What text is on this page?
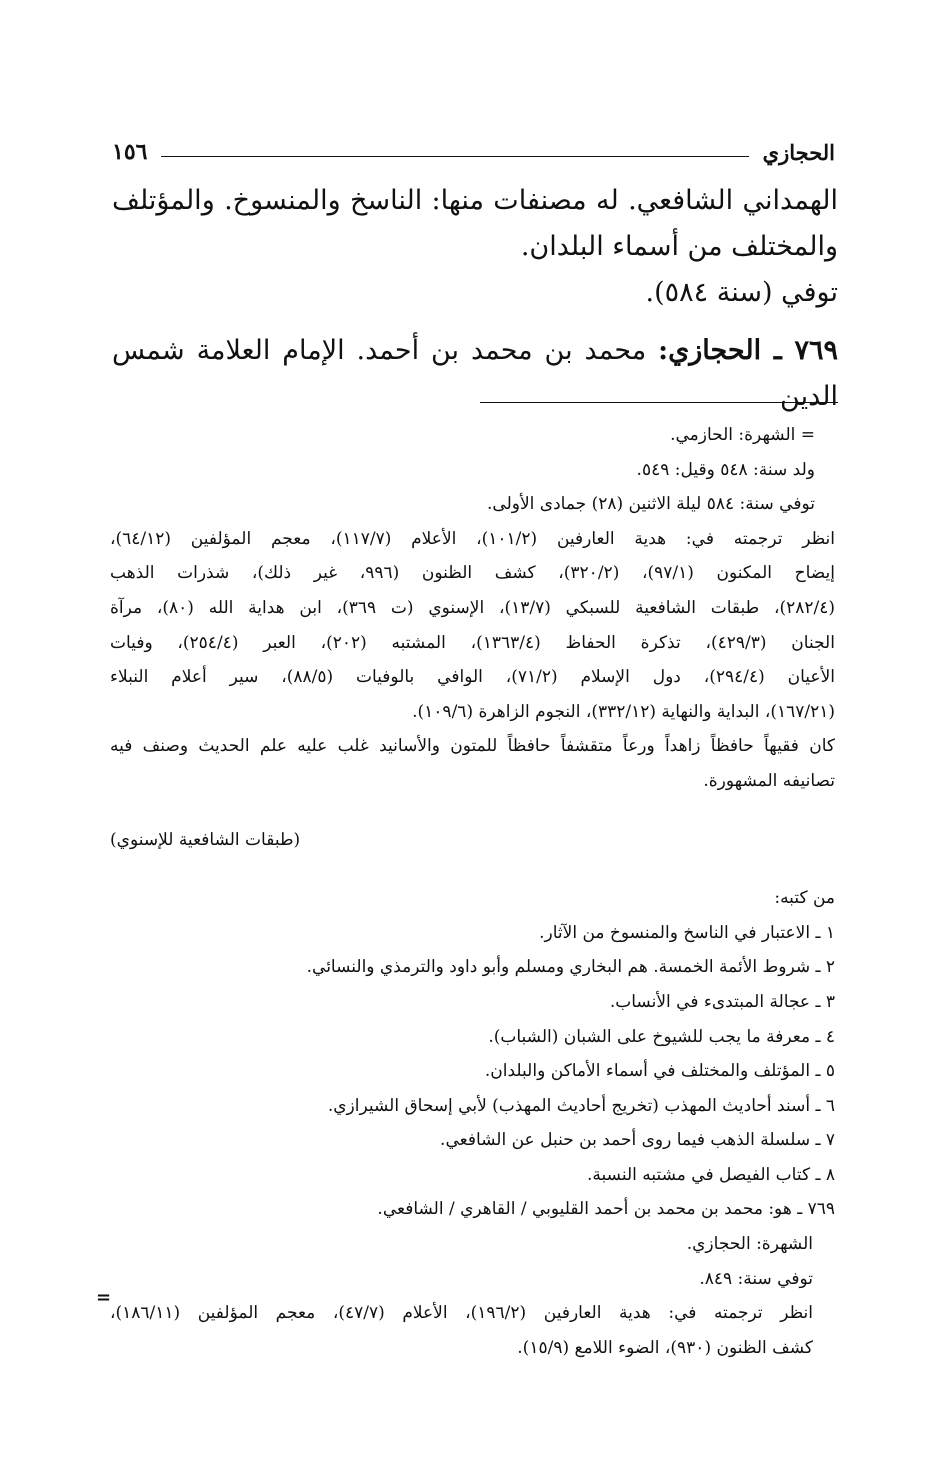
الحجازي
١٥٦

الهمداني الشافعي. له مصنفات منها: الناسخ والمنسوخ. والمؤتلف

والمختلف من أسماء البلدان.

توفي (سنة ٥٨٤).

٧٦٩ ـ الحجازي: محمد بن محمد بن أحمد. الإمام العلامة شمس الدين

= الشهرة: الحازمي.
ولد سنة: ٥٤٨ وقيل: ٥٤٩.
توفي سنة: ٥٨٤ ليلة الاثنين (٢٨) جمادى الأولى.
انظر ترجمته في: هدية العارفين (١٠١/٢)، الأعلام (١١٧/٧)، معجم المؤلفين (٦٤/١٢)،
إيضاح المكنون (٩٧/١)، (٣٢٠/٢)، كشف الظنون (٩٩٦، غير ذلك)، شذرات الذهب
(٢٨٢/٤)، طبقات الشافعية للسبكي (١٣/٧)، الإسنوي (ت ٣٦٩)، ابن هداية الله (٨٠)، مرآة
الجنان (٤٢٩/٣)، تذكرة الحفاظ (١٣٦٣/٤)، المشتبه (٢٠٢)، العبر (٢٥٤/٤)، وفيات
الأعيان (٢٩٤/٤)، دول الإسلام (٧١/٢)، الوافي بالوفيات (٨٨/٥)، سير أعلام النبلاء
(١٦٧/٢١)، البداية والنهاية (٣٣٢/١٢)، النجوم الزاهرة (١٠٩/٦).
كان فقيهاً حافظاً زاهداً ورعاً متقشفاً حافظاً للمتون والأسانيد غلب عليه علم الحديث وصنف فيه
تصانيفه المشهورة.
(طبقات الشافعية للإسنوي)
من كتبه:
١ ـ الاعتبار في الناسخ والمنسوخ من الآثار.
٢ ـ شروط الأئمة الخمسة. هم البخاري ومسلم وأبو داود والترمذي والنسائي.
٣ ـ عجالة المبتدىء في الأنساب.
٤ ـ معرفة ما يجب للشيوخ على الشبان (الشباب).
٥ ـ المؤتلف والمختلف في أسماء الأماكن والبلدان.
٦ ـ أسند أحاديث المهذب (تخريج أحاديث المهذب) لأبي إسحاق الشيرازي.
٧ ـ سلسلة الذهب فيما روى أحمد بن حنبل عن الشافعي.
٨ ـ كتاب الفيصل في مشتبه النسبة.
٧٦٩ ـ هو: محمد بن محمد بن أحمد القليوبي / القاهري / الشافعي.
الشهرة: الحجازي.
توفي سنة: ٨٤٩.
انظر ترجمته في: هدية العارفين (١٩٦/٢)، الأعلام (٤٧/٧)، معجم المؤلفين (١٨٦/١١)،
كشف الظنون (٩٣٠)، الضوء اللامع (١٥/٩).
=
